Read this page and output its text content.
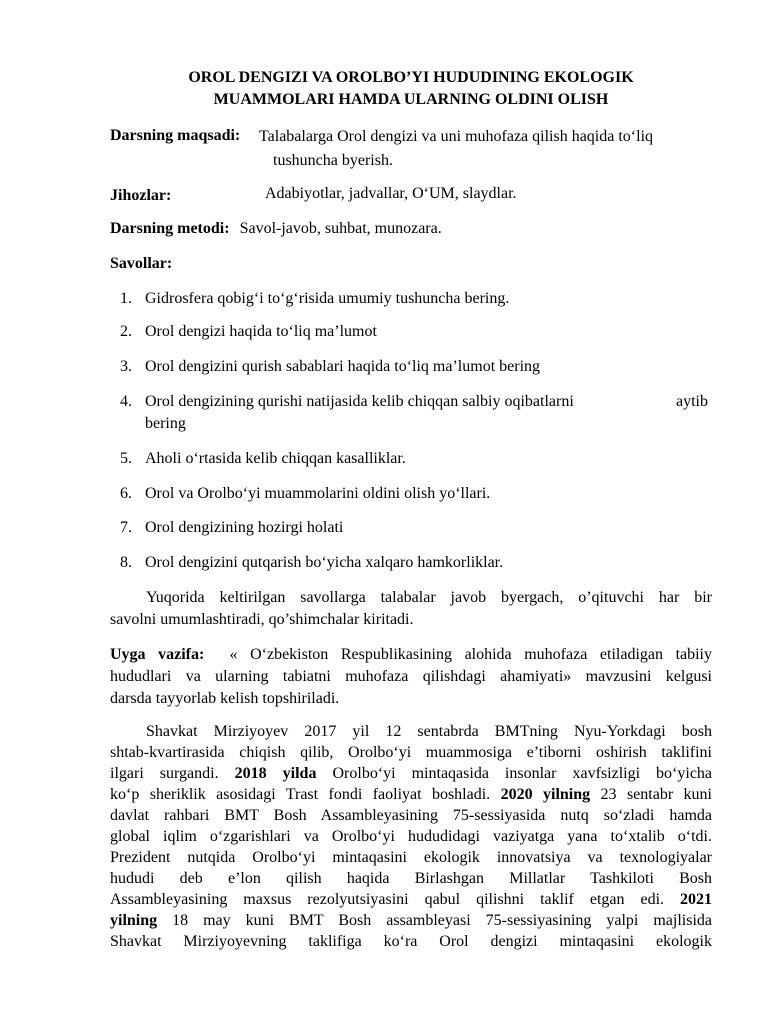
OROL DENGIZI VA OROLBO’YI HUDUDINING EKOLOGIK
MUAMMOLARI HAMDA ULARNING OLDINI OLISH
Darsning maqsadi: Talabalarga Orol dengizi va uni muhofaza qilish haqida to‘liq
tushuncha byerish.
Jihozlar:	Adabiyotlar, jadvallar, O‘UM, slaydlar.
Darsning metodi: Savol-javob, suhbat, munozara.
Savollar:
1. Gidrosfera qobig‘i to‘g‘risida umumiy tushuncha bering.
2. Orol dengizi haqida to‘liq ma’lumot
3. Orol dengizini qurish sabablari haqida to‘liq ma’lumot bering
4. Orol dengizining qurishi natijasida kelib chiqqan salbiy oqibatlarni	aytib
bering
5. Aholi o‘rtasida kelib chiqqan kasalliklar.
6. Orol va Orolbo‘yi muammolarini oldini olish yo‘llari.
7. Orol dengizining hozirgi holati
8. Orol dengizini qutqarish bo‘yicha xalqaro hamkorliklar.
Yuqorida keltirilgan savollarga talabalar javob byergach, o’qituvchi har bir
savolni umumlashtiradi, qo’shimchalar kiritadi.
Uyga vazifa: « O‘zbekiston Respublikasining alohida muhofaza etiladigan tabiiy
hududlari va ularning tabiatni muhofaza qilishdagi ahamiyati» mavzusini kelgusi
darsda tayyorlab kelish topshiriladi.
Shavkat Mirziyoyev 2017 yil 12 sentabrda BMTning Nyu-Yorkdagi bosh
shtab-kvartirasida chiqish qilib, Orolbo‘yi muammosiga e’tiborni oshirish taklifini
ilgari surgandi. 2018 yilda Orolbo‘yi mintaqasida insonlar xavfsizligi bo‘yicha
ko‘p sheriklik asosidagi Trast fondi faoliyat boshladi. 2020 yilning 23 sentabr kuni
davlat rahbari BMT Bosh Assambleyasining 75-sessiyasida nutq so‘zladi hamda
global iqlim o‘zgarishlari va Orolbo‘yi hududidagi vaziyatga yana to‘xtalib o‘tdi.
Prezident nutqida Orolbo‘yi mintaqasini ekologik innovatsiya va texnologiyalar
hududi deb e’lon qilish haqida Birlashgan Millatlar Tashkiloti Bosh
Assambleyasining maxsus rezolyutsiyasini qabul qilishni taklif etgan edi. 2021
yilning 18 may kuni BMT Bosh assambleyasi 75-sessiyasining yalpi majlisida
Shavkat Mirziyoyevning taklifiga ko‘ra Orol dengizi mintaqasini ekologik
